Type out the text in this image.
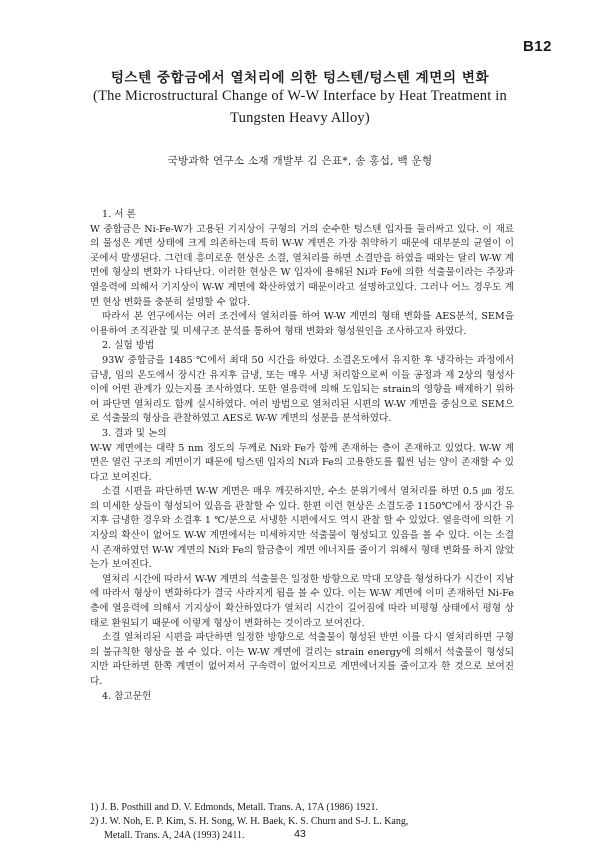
B12
텅스텐 중합금에서 열처리에 의한 텅스텐/텅스텐 계면의 변화
(The Microstructural Change of W-W Interface by Heat Treatment in
Tungsten Heavy Alloy)
국방과학 연구소 소재 개발부 김 은표*, 송 홍섭, 백 운형

1. 서 론

W 중합금은 Ni-Fe-W가 고용된 기지상이 구형의 거의 순수한 텅스텐 입자를 둘러싸고 있다. 이 재료의 물성은 계면 상태에 크게 의존하는데 특히 W-W 계면은 가장 취약하기 때문에 대부분의 균열이 이곳에서 발생된다. 그런데 흥미로운 현상은 소결, 열처리를 하면 소결만을 하였을 때와는 달리 W-W 계면에 형상의 변화가 나타난다. 이러한 현상은 W 입자에 용해된 Ni과 Fe에 의한 석출물이라는 주장과 열응력에 의해서 기지상이 W-W 계면에 확산하였기 때문이라고 설명하고있다. 그러나 어느 경우도 계면 현상 변화를 충분히 설명할 수 없다.

따라서 본 연구에서는 여러 조건에서 열처리를 하여 W-W 계면의 형태 변화를 AES분석, SEM을 이용하여 조직관찰 및 미세구조 분석를 통하여 형태 변화와 형성원인을 조사하고자 하였다.

2. 실험 방법

93W 중합금을 1485 ℃에서 최대 50 시간을 하였다. 소결온도에서 유지한 후 냉각하는 과정에서 급냉, 임의 온도에서 장시간 유지후 급냉, 또는 매우 서냉 처리함으로써 이들 공정과 제 2상의 형성사이에 어떤 관계가 있는지를 조사하였다. 또한 열응력에 의해 도입되는 strain의 영향을 배제하기 위하여 파단면 열처리도 함께 실시하였다. 여러 방법으로 열처리된 시편의 W-W 계면을 중심으로 SEM으로 석출물의 형상을 관찰하였고 AES로 W-W 계면의 성분을 분석하였다.

3. 결과 및 논의

W-W 계면에는 대략 5 nm 정도의 두께로 Ni와 Fe가 함께 존재하는 층이 존재하고 있었다. W-W 계면은 열린 구조의 계면이기 때문에 텅스텐 입자의 Ni과 Fe의 고용한도를 훨씬 넘는 양이 존재할 수 있다고 보여진다.

소결 시편을 파단하면 W-W 계면은 매우 깨끗하지만, 수소 분위기에서 열처리를 하면 0.5 ㎛ 정도의 미세한 상들이 형성되어 있음을 관찰할 수 있다. 한편 이런 현상은 소결도중 1150℃에서 장시간 유지후 급냉한 경우와 소결후 1 ℃/분으로 서냉한 시편에서도 역시 관찰 할 수 있었다. 열응력에 의한 기지상의 확산이 없어도 W-W 계면에서는 미세하지만 석출물이 형성되고 있음을 볼 수 있다. 이는 소결시 존재하였던 W-W 계면의 Ni와 Fe의 합금층이 계면 에너지를 줄이기 위해서 형태 변화를 하지 않았는가 보여진다.

열처리 시간에 따라서 W-W 계면의 석출물은 일정한 방향으로 막대 모양을 형성하다가 시간이 지남에 따라서 형상이 변화하다가 결국 사라지게 됨을 볼 수 있다. 이는 W-W 계면에 이미 존재하던 Ni-Fe층에 열응력에 의해서 기지상이 확산하였다가 열처리 시간이 길어짐에 따라 비평형 상태에서 평형 상태로 환원되기 때문에 이렇게 형상이 변화하는 것이라고 보여진다.

소결 열처리된 시편을 파단하면 일정한 방향으로 석출물이 형성된 반면 이를 다시 열처리하면 구형의 불규칙한 형상을 볼 수 있다. 이는 W-W 계면에 걸리는 strain energy에 의해서 석출물이 형성되지만 파단하면 한쪽 계면이 없어져서 구속력이 없어지므로 계면에너지를 줄이고자 한 것으로 보여진다.

4. 참고문헌

1) J. B. Posthill and D. V. Edmonds, Metall. Trans. A, 17A (1986) 1921.

2) J. W. Noh, E. P. Kim, S. H. Song, W. H. Baek, K. S. Churn and S-J. L. Kang,

Metall. Trans. A, 24A (1993) 2411.	43
